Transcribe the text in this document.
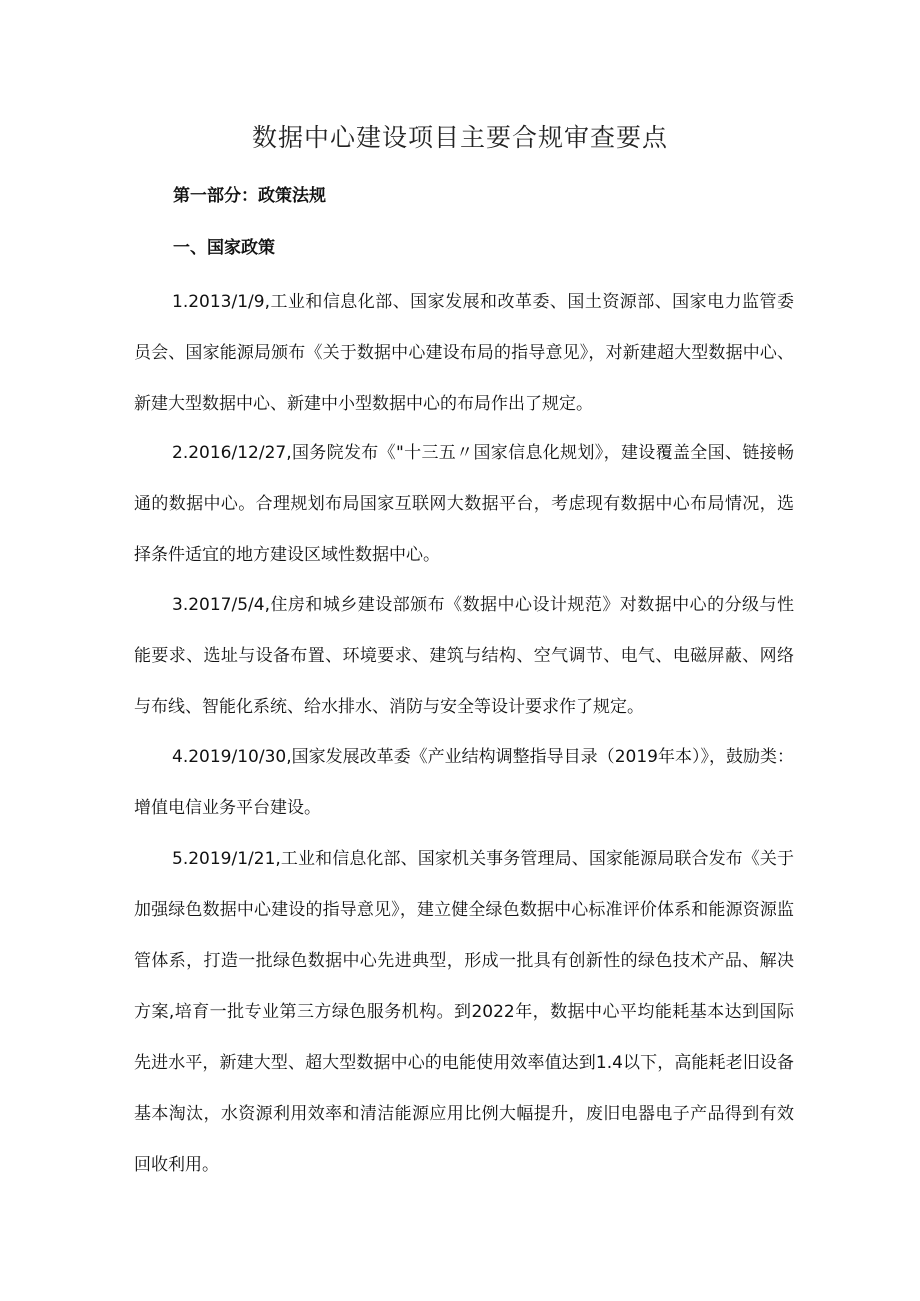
数据中心建设项目主要合规审查要点

第一部分：政策法规

一、国家政策

1.2013/1/9,工业和信息化部、国家发展和改革委、国土资源部、国家电力监管委员会、国家能源局颁布《关于数据中心建设布局的指导意见》，对新建超大型数据中心、新建大型数据中心、新建中小型数据中心的布局作出了规定。

2.2016/12/27,国务院发布《"十三五〃国家信息化规划》，建设覆盖全国、链接畅通的数据中心。合理规划布局国家互联网大数据平台，考虑现有数据中心布局情况，选择条件适宜的地方建设区域性数据中心。

3.2017/5/4,住房和城乡建设部颁布《数据中心设计规范》对数据中心的分级与性能要求、选址与设备布置、环境要求、建筑与结构、空气调节、电气、电磁屏蔽、网络与布线、智能化系统、给水排水、消防与安全等设计要求作了规定。

4.2019/10/30,国家发展改革委《产业结构调整指导目录（2019年本）》，鼓励类：增值电信业务平台建设。

5.2019/1/21,工业和信息化部、国家机关事务管理局、国家能源局联合发布《关于加强绿色数据中心建设的指导意见》，建立健全绿色数据中心标准评价体系和能源资源监管体系，打造一批绿色数据中心先进典型，形成一批具有创新性的绿色技术产品、解决方案,培育一批专业第三方绿色服务机构。到2022年，数据中心平均能耗基本达到国际先进水平，新建大型、超大型数据中心的电能使用效率值达到1.4以下，高能耗老旧设备基本淘汰，水资源利用效率和清洁能源应用比例大幅提升，废旧电器电子产品得到有效回收利用。
